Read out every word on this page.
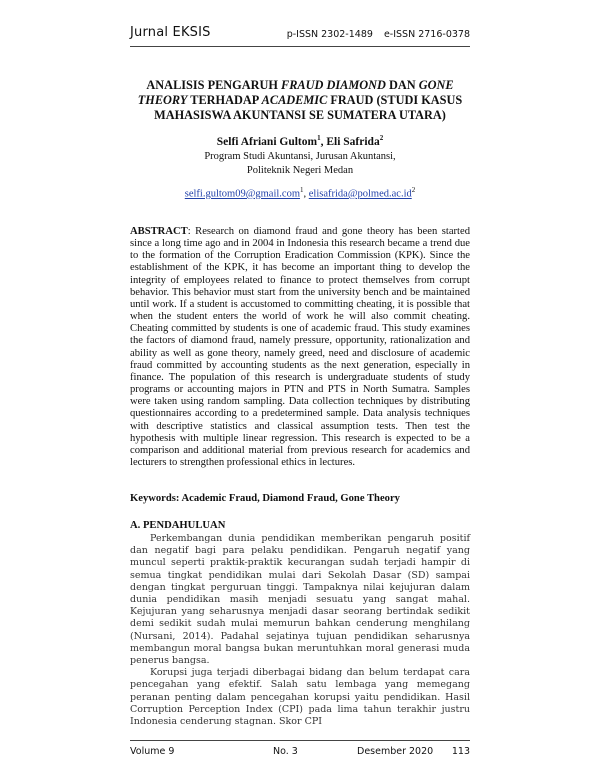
Jurnal EKSIS	p-ISSN 2302-1489 e-ISSN 2716-0378
ANALISIS PENGARUH FRAUD DIAMOND DAN GONE THEORY TERHADAP ACADEMIC FRAUD (STUDI KASUS MAHASISWA AKUNTANSI SE SUMATERA UTARA)
Selfi Afriani Gultom$^1$, Eli Safrida$^2$
Program Studi Akuntansi, Jurusan Akuntansi,
Politeknik Negeri Medan
selfi.gultom09@gmail.com$^1$, $elisafrida@polmed.ac.id^2$

ABSTRACT: Research on diamond fraud and gone theory has been started since a long time ago and in 2004 in Indonesia this research became a trend due to the formation of the Corruption Eradication Commission (KPK). Since the establishment of the KPK, it has become an important thing to develop the integrity of employees related to finance to protect themselves from corrupt behavior. This behavior must start from the university bench and be maintained until work. If a student is accustomed to committing cheating, it is possible that when the student enters the world of work he will also commit cheating. Cheating committed by students is one of academic fraud. This study examines the factors of diamond fraud, namely pressure, opportunity, rationalization and ability as well as gone theory, namely greed, need and disclosure of academic fraud committed by accounting students as the next generation, especially in finance. The population of this research is undergraduate students of study programs or accounting majors in PTN and PTS in North Sumatra. Samples were taken using random sampling. Data collection techniques by distributing questionnaires according to a predetermined sample. Data analysis techniques with descriptive statistics and classical assumption tests. Then test the hypothesis with multiple linear regression. This research is expected to be a comparison and additional material from previous research for academics and lecturers to strengthen professional ethics in lectures.

Keywords: Academic Fraud, Diamond Fraud, Gone Theory

A. PENDAHULUAN

Perkembangan dunia pendidikan memberikan pengaruh positif dan negatif bagi para pelaku pendidikan. Pengaruh negatif yang muncul seperti praktik-praktik kecurangan sudah terjadi hampir di semua tingkat pendidikan mulai dari Sekolah Dasar (SD) sampai dengan tingkat perguruan tinggi. Tampaknya nilai kejujuran dalam dunia pendidikan masih menjadi sesuatu yang sangat mahal. Kejujuran yang seharusnya menjadi dasar seorang bertindak sedikit demi sedikit sudah mulai memurun bahkan cenderung menghilang (Nursani, 2014). Padahal sejatinya tujuan pendidikan seharusnya membangun moral bangsa bukan meruntuhkan moral generasi muda penerus bangsa.

Korupsi juga terjadi diberbagai bidang dan belum terdapat cara pencegahan yang efektif. Salah satu lembaga yang memegang peranan penting dalam pencegahan korupsi yaitu pendidikan. Hasil Corruption Perception Index (CPI) pada lima tahun terakhir justru Indonesia cenderung stagnan. Skor CPI

Volume 9	No. 3	Desember 2020 113
